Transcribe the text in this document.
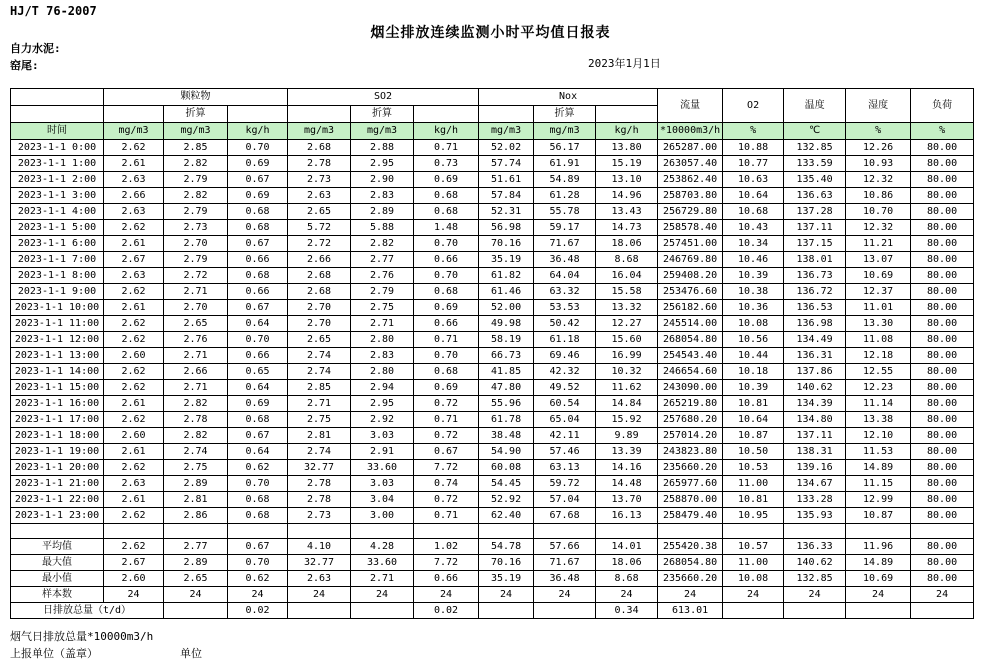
HJ/T 76-2007
烟尘排放连续监测小时平均值日报表
自力水泥:
窑尾:	2023年1月1日
	颗粒物			SO2			Nox			流量	O2	温度	湿度	负荷
		折算			折算			折算						
时间	mg/m3	mg/m3	kg/h	mg/m3	mg/m3	kg/h	mg/m3	mg/m3	kg/h	*10000m3/h	%	℃	%	%
2023-1-1 0:00	2.62	2.85	0.70	2.68	2.88	0.71	52.02	56.17	13.80	265287.00	10.88	132.85	12.26	80.00
2023-1-1 1:00	2.61	2.82	0.69	2.78	2.95	0.73	57.74	61.91	15.19	263057.40	10.77	133.59	10.93	80.00
2023-1-1 2:00	2.63	2.79	0.67	2.73	2.90	0.69	51.61	54.89	13.10	253862.40	10.63	135.40	12.32	80.00
2023-1-1 3:00	2.66	2.82	0.69	2.63	2.83	0.68	57.84	61.28	14.96	258703.80	10.64	136.63	10.86	80.00
2023-1-1 4:00	2.63	2.79	0.68	2.65	2.89	0.68	52.31	55.78	13.43	256729.80	10.68	137.28	10.70	80.00
2023-1-1 5:00	2.62	2.73	0.68	5.72	5.88	1.48	56.98	59.17	14.73	258578.40	10.43	137.11	12.32	80.00
2023-1-1 6:00	2.61	2.70	0.67	2.72	2.82	0.70	70.16	71.67	18.06	257451.00	10.34	137.15	11.21	80.00
2023-1-1 7:00	2.67	2.79	0.66	2.66	2.77	0.66	35.19	36.48	8.68	246769.80	10.46	138.01	13.07	80.00
2023-1-1 8:00	2.63	2.72	0.68	2.68	2.76	0.70	61.82	64.04	16.04	259408.20	10.39	136.73	10.69	80.00
2023-1-1 9:00	2.62	2.71	0.66	2.68	2.79	0.68	61.46	63.32	15.58	253476.60	10.38	136.72	12.37	80.00
2023-1-1 10:00	2.61	2.70	0.67	2.70	2.75	0.69	52.00	53.53	13.32	256182.60	10.36	136.53	11.01	80.00
2023-1-1 11:00	2.62	2.65	0.64	2.70	2.71	0.66	49.98	50.42	12.27	245514.00	10.08	136.98	13.30	80.00
2023-1-1 12:00	2.62	2.76	0.70	2.65	2.80	0.71	58.19	61.18	15.60	268054.80	10.56	134.49	11.08	80.00
2023-1-1 13:00	2.60	2.71	0.66	2.74	2.83	0.70	66.73	69.46	16.99	254543.40	10.44	136.31	12.18	80.00
2023-1-1 14:00	2.62	2.66	0.65	2.74	2.80	0.68	41.85	42.32	10.32	246654.60	10.18	137.86	12.55	80.00
2023-1-1 15:00	2.62	2.71	0.64	2.85	2.94	0.69	47.80	49.52	11.62	243090.00	10.39	140.62	12.23	80.00
2023-1-1 16:00	2.61	2.82	0.69	2.71	2.95	0.72	55.96	60.54	14.84	265219.80	10.81	134.39	11.14	80.00
2023-1-1 17:00	2.62	2.78	0.68	2.75	2.92	0.71	61.78	65.04	15.92	257680.20	10.64	134.80	13.38	80.00
2023-1-1 18:00	2.60	2.82	0.67	2.81	3.03	0.72	38.48	42.11	9.89	257014.20	10.87	137.11	12.10	80.00
2023-1-1 19:00	2.61	2.74	0.64	2.74	2.91	0.67	54.90	57.46	13.39	243823.80	10.50	138.31	11.53	80.00
2023-1-1 20:00	2.62	2.75	0.62	32.77	33.60	7.72	60.08	63.13	14.16	235660.20	10.53	139.16	14.89	80.00
2023-1-1 21:00	2.63	2.89	0.70	2.78	3.03	0.74	54.45	59.72	14.48	265977.60	11.00	134.67	11.15	80.00
2023-1-1 22:00	2.61	2.81	0.68	2.78	3.04	0.72	52.92	57.04	13.70	258870.00	10.81	133.28	12.99	80.00
2023-1-1 23:00	2.62	2.86	0.68	2.73	3.00	0.71	62.40	67.68	16.13	258479.40	10.95	135.93	10.87	80.00

平均值	2.62	2.77	0.67	4.10	4.28	1.02	54.78	57.66	14.01	255420.38	10.57	136.33	11.96	80.00
最大值	2.67	2.89	0.70	32.77	33.60	7.72	70.16	71.67	18.06	268054.80	11.00	140.62	14.89	80.00
最小值	2.60	2.65	0.62	2.63	2.71	0.66	35.19	36.48	8.68	235660.20	10.08	132.85	10.69	80.00
样本数	24	24	24	24	24	24	24	24	24	24	24	24	24	24
日排放总量（t/d）			0.02			0.02			0.34	613.01				
烟气日排放总量*10000m3/h
上报单位（盖章）	单位
